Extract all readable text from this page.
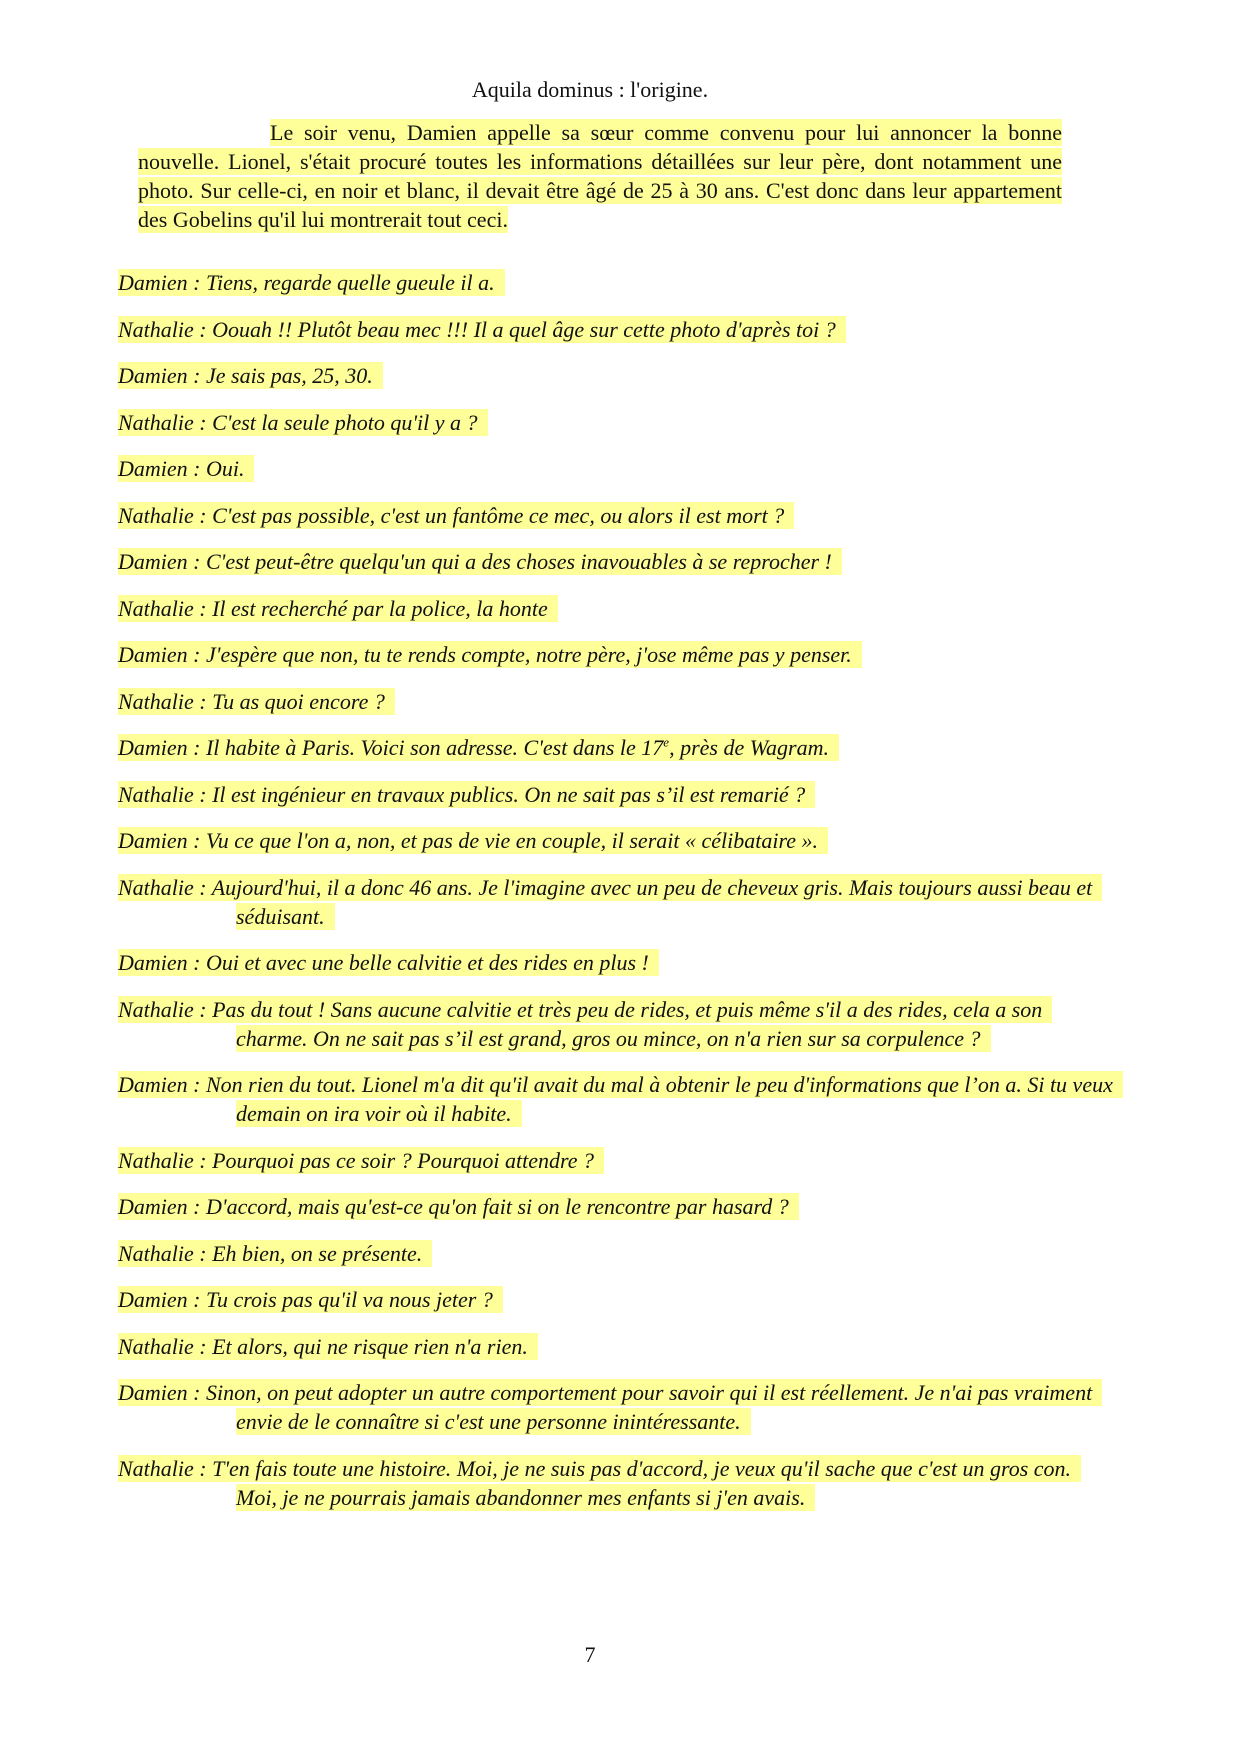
Aquila dominus : l'origine.

Le soir venu, Damien appelle sa sœur comme convenu pour lui annoncer la bonne nouvelle. Lionel, s'était procuré toutes les informations détaillées sur leur père, dont notamment une photo. Sur celle-ci, en noir et blanc, il devait être âgé de 25 à 30 ans. C'est donc dans leur appartement des Gobelins qu'il lui montrerait tout ceci.

Damien : Tiens, regarde quelle gueule il a.
Nathalie : Oouah !! Plutôt beau mec !!! Il a quel âge sur cette photo d'après toi ?
Damien : Je sais pas, 25, 30.
Nathalie : C'est la seule photo qu'il y a ?
Damien : Oui.
Nathalie : C'est pas possible, c'est un fantôme ce mec, ou alors il est mort ?
Damien : C'est peut-être quelqu'un qui a des choses inavouables à se reprocher !
Nathalie : Il est recherché par la police, la honte
Damien : J'espère que non, tu te rends compte, notre père, j'ose même pas y penser.
Nathalie : Tu as quoi encore ?
Damien : Il habite à Paris. Voici son adresse. C'est dans le 17e, près de Wagram.
Nathalie : Il est ingénieur en travaux publics. On ne sait pas s’il est remarié ?
Damien : Vu ce que l'on a, non, et pas de vie en couple, il serait « célibataire ».
Nathalie : Aujourd'hui, il a donc 46 ans. Je l'imagine avec un peu de cheveux gris. Mais toujours aussi beau et séduisant.
Damien : Oui et avec une belle calvitie et des rides en plus !
Nathalie : Pas du tout ! Sans aucune calvitie et très peu de rides, et puis même s'il a des rides, cela a son charme. On ne sait pas s’il est grand, gros ou mince, on n'a rien sur sa corpulence ?
Damien : Non rien du tout. Lionel m'a dit qu'il avait du mal à obtenir le peu d'informations que l’on a. Si tu veux demain on ira voir où il habite.
Nathalie : Pourquoi pas ce soir ? Pourquoi attendre ?
Damien : D'accord, mais qu'est-ce qu'on fait si on le rencontre par hasard ?
Nathalie : Eh bien, on se présente.
Damien : Tu crois pas qu'il va nous jeter ?
Nathalie : Et alors, qui ne risque rien n'a rien.
Damien : Sinon, on peut adopter un autre comportement pour savoir qui il est réellement. Je n'ai pas vraiment envie de le connaître si c'est une personne inintéressante.
Nathalie : T'en fais toute une histoire. Moi, je ne suis pas d'accord, je veux qu'il sache que c'est un gros con. Moi, je ne pourrais jamais abandonner mes enfants si j'en avais.
7
